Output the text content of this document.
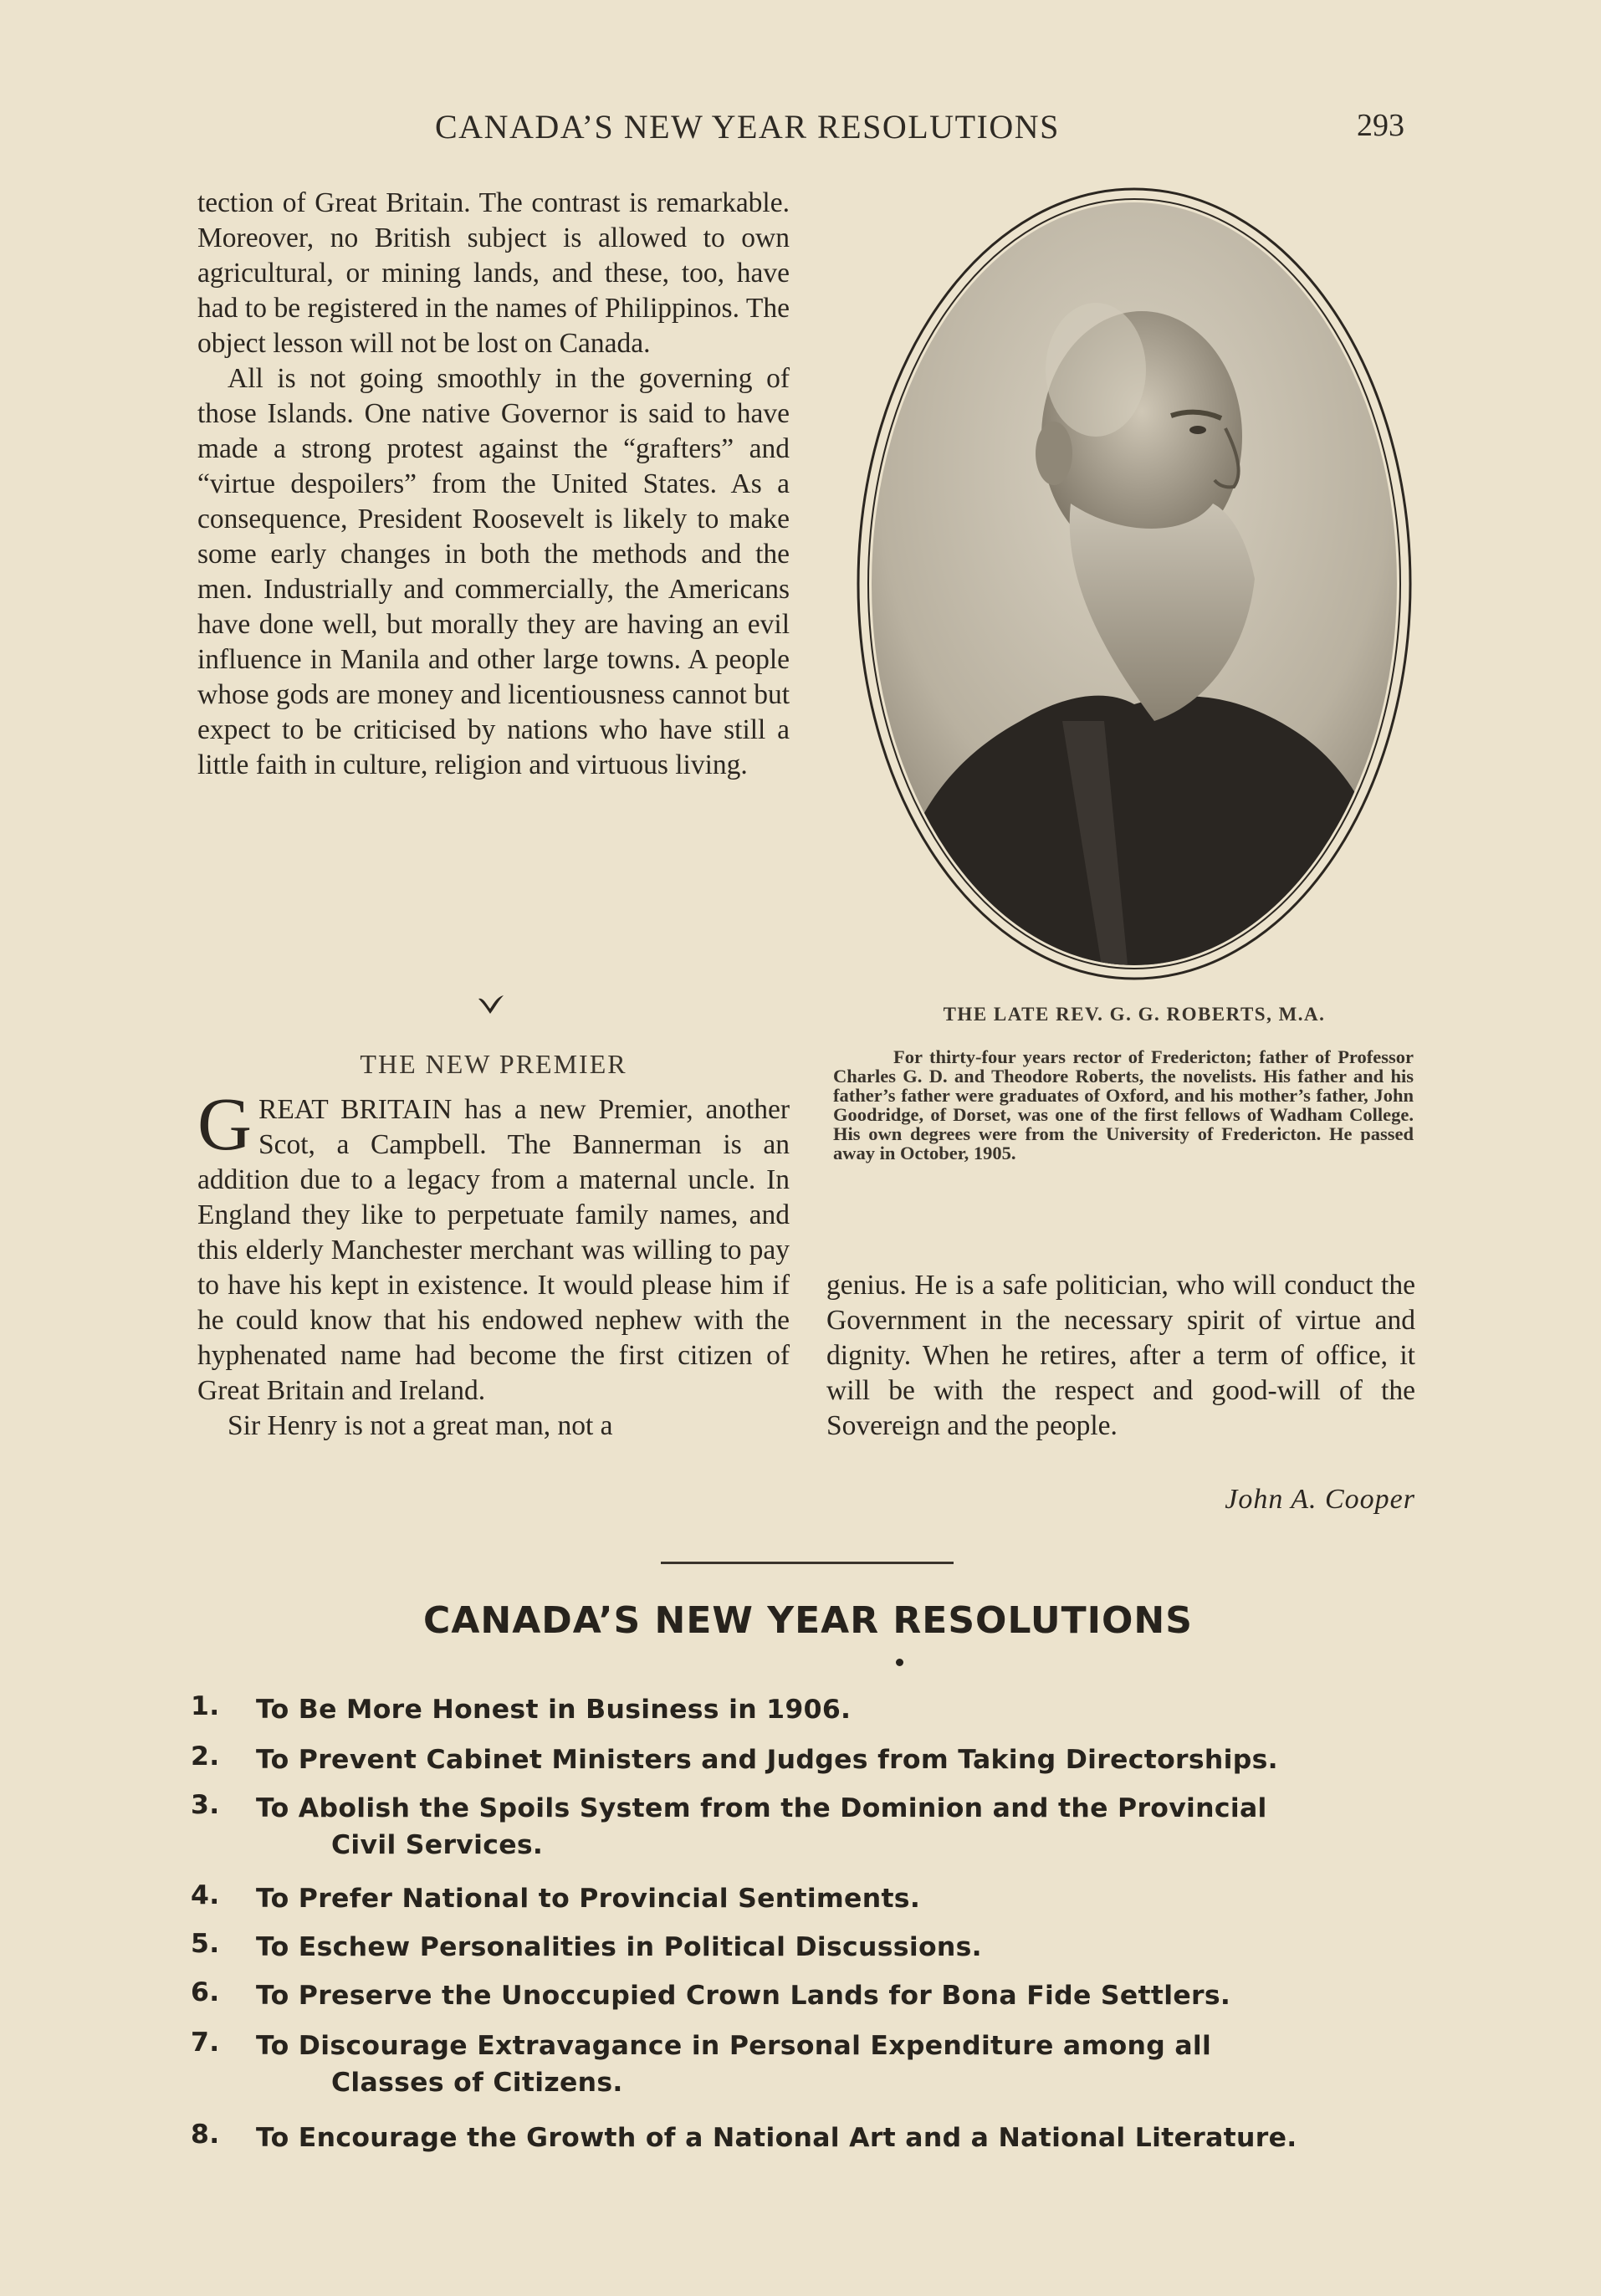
CANADA’S NEW YEAR RESOLUTIONS	293

tection of Great Britain. The contrast is remarkable. Moreover, no British subject is allowed to own agricultural, or mining lands, and these, too, have had to be registered in the names of Philippinos. The object lesson will not be lost on Canada.

All is not going smoothly in the governing of those Islands. One native Governor is said to have made a strong protest against the “grafters” and “virtue despoilers” from the United States. As a consequence, President Roosevelt is likely to make some early changes in both the methods and the men. Industrially and commercially, the Americans have done well, but morally they are having an evil influence in Manila and other large towns. A people whose gods are money and licentiousness cannot but expect to be criticised by nations who have still a little faith in culture, religion and virtuous living.

THE NEW PREMIER

GREAT BRITAIN has a new Premier, another Scot, a Campbell. The Bannerman is an addition due to a legacy from a maternal uncle. In England they like to perpetuate family names, and this elderly Manchester merchant was willing to pay to have his kept in existence. It would please him if he could know that his endowed nephew with the hyphenated name had become the first citizen of Great Britain and Ireland.

Sir Henry is not a great man, not a

THE LATE REV. G. G. ROBERTS, M.A.

For thirty-four years rector of Fredericton; father of Professor Charles G. D. and Theodore Roberts, the novelists. His father and his father’s father were graduates of Oxford, and his mother’s father, John Goodridge, of Dorset, was one of the first fellows of Wadham College. His own degrees were from the University of Fredericton. He passed away in October, 1905.

genius. He is a safe politician, who will conduct the Government in the necessary spirit of virtue and dignity. When he retires, after a term of office, it will be with the respect and good-will of the Sovereign and the people.

John A. Cooper
CANADA’S NEW YEAR RESOLUTIONS
1.	To Be More Honest in Business in 1906.
2.	To Prevent Cabinet Ministers and Judges from Taking Directorships.
3.	To Abolish the Spoils System from the Dominion and the Provincial
Civil Services.
4.	To Prefer National to Provincial Sentiments.
5.	To Eschew Personalities in Political Discussions.
6.	To Preserve the Unoccupied Crown Lands for Bona Fide Settlers.
7.	To Discourage Extravagance in Personal Expenditure among all
Classes of Citizens.
8.	To Encourage the Growth of a National Art and a National Literature.
